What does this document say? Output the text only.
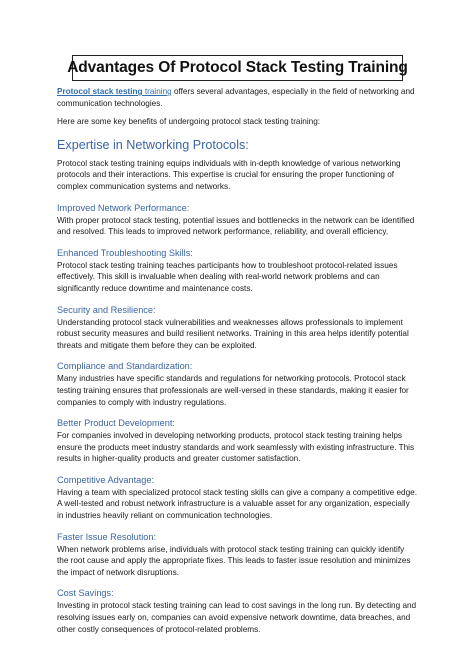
Advantages Of Protocol Stack Testing Training

Protocol stack testing training offers several advantages, especially in the field of networking and communication technologies.

Here are some key benefits of undergoing protocol stack testing training:

Expertise in Networking Protocols:

Protocol stack testing training equips individuals with in-depth knowledge of various networking protocols and their interactions. This expertise is crucial for ensuring the proper functioning of complex communication systems and networks.

Improved Network Performance:

With proper protocol stack testing, potential issues and bottlenecks in the network can be identified and resolved. This leads to improved network performance, reliability, and overall efficiency.

Enhanced Troubleshooting Skills:

Protocol stack testing training teaches participants how to troubleshoot protocol-related issues effectively. This skill is invaluable when dealing with real-world network problems and can significantly reduce downtime and maintenance costs.

Security and Resilience:

Understanding protocol stack vulnerabilities and weaknesses allows professionals to implement robust security measures and build resilient networks. Training in this area helps identify potential threats and mitigate them before they can be exploited.

Compliance and Standardization:

Many industries have specific standards and regulations for networking protocols. Protocol stack testing training ensures that professionals are well-versed in these standards, making it easier for companies to comply with industry regulations.

Better Product Development:

For companies involved in developing networking products, protocol stack testing training helps ensure the products meet industry standards and work seamlessly with existing infrastructure. This results in higher-quality products and greater customer satisfaction.

Competitive Advantage:

Having a team with specialized protocol stack testing skills can give a company a competitive edge. A well-tested and robust network infrastructure is a valuable asset for any organization, especially in industries heavily reliant on communication technologies.

Faster Issue Resolution:

When network problems arise, individuals with protocol stack testing training can quickly identify the root cause and apply the appropriate fixes. This leads to faster issue resolution and minimizes the impact of network disruptions.

Cost Savings:

Investing in protocol stack testing training can lead to cost savings in the long run. By detecting and resolving issues early on, companies can avoid expensive network downtime, data breaches, and other costly consequences of protocol-related problems.
